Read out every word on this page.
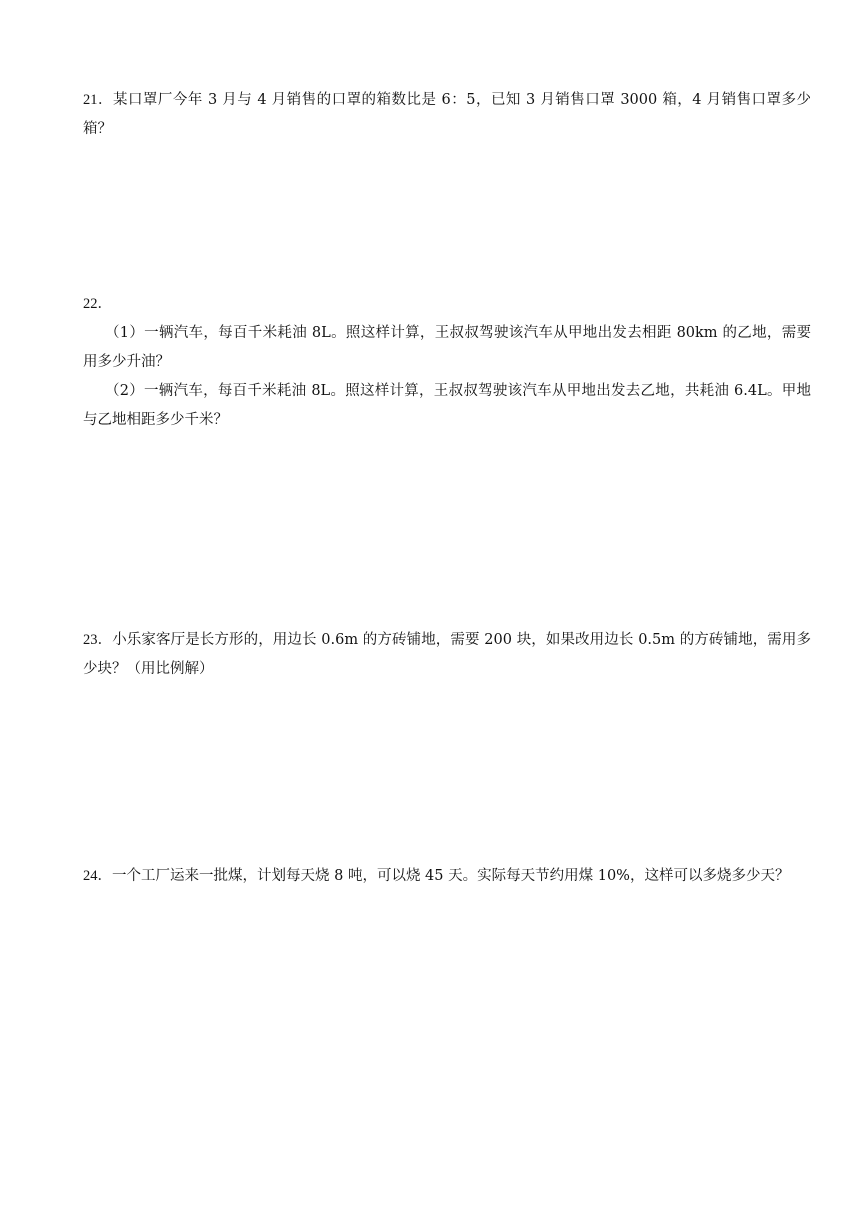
21．某口罩厂今年 3 月与 4 月销售的口罩的箱数比是 6：5，已知 3 月销售口罩 3000 箱，4 月销售口罩多少箱？

22．

（1）一辆汽车，每百千米耗油 8L。照这样计算，王叔叔驾驶该汽车从甲地出发去相距 80km 的乙地，需要用多少升油？

（2）一辆汽车，每百千米耗油 8L。照这样计算，王叔叔驾驶该汽车从甲地出发去乙地，共耗油 6.4L。甲地与乙地相距多少千米？

23．小乐家客厅是长方形的，用边长 0.6m 的方砖铺地，需要 200 块，如果改用边长 0.5m 的方砖铺地，需用多少块？（用比例解）

24．一个工厂运来一批煤，计划每天烧 8 吨，可以烧 45 天。实际每天节约用煤 10%，这样可以多烧多少天？
